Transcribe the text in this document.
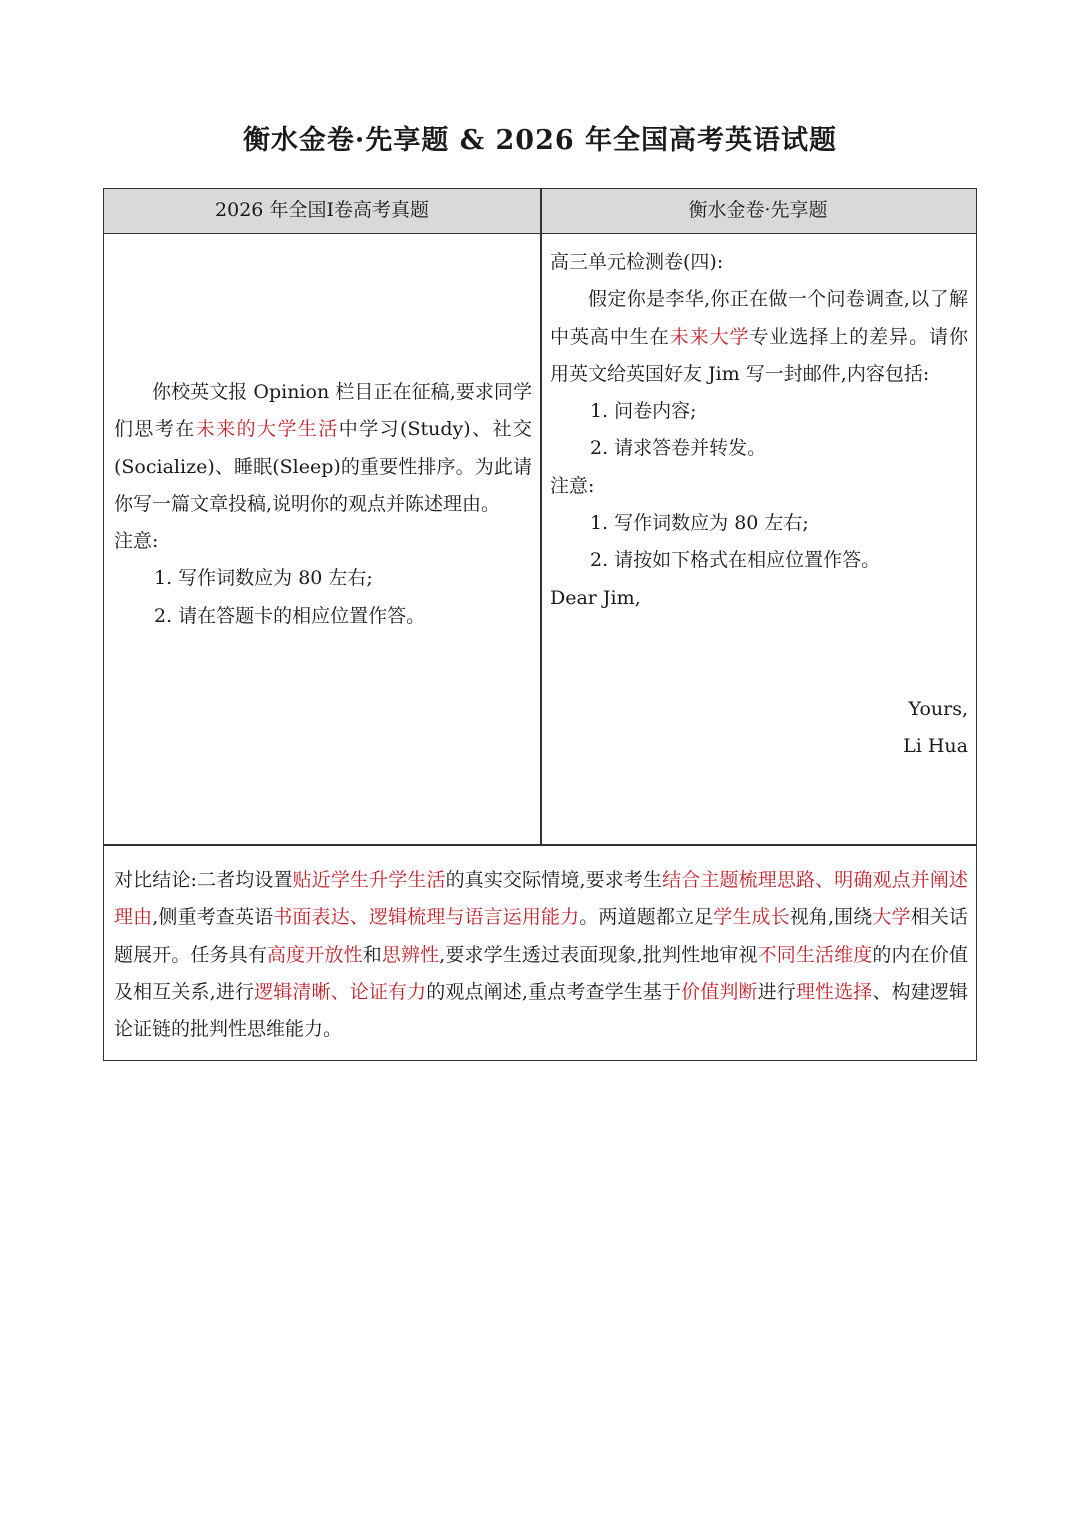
衡水金卷·先享题 & 2026 年全国高考英语试题
2026 年全国Ⅰ卷高考真题	衡水金卷·先享题

你校英文报 Opinion 栏目正在征稿,要求同学们思考在未来的大学生活中学习(Study)、社交(Socialize)、睡眠(Sleep)的重要性排序。为此请你写一篇文章投稿,说明你的观点并陈述理由。

注意:

1. 写作词数应为 80 左右;

2. 请在答题卡的相应位置作答。

高三单元检测卷(四):

假定你是李华,你正在做一个问卷调查,以了解中英高中生在未来大学专业选择上的差异。请你用英文给英国好友 Jim 写一封邮件,内容包括:

1. 问卷内容;

2. 请求答卷并转发。

注意:

1. 写作词数应为 80 左右;

2. 请按如下格式在相应位置作答。

Dear Jim,

Yours,

Li Hua

对比结论:二者均设置贴近学生升学生活的真实交际情境,要求考生结合主题梳理思路、明确观点并阐述理由,侧重考查英语书面表达、逻辑梳理与语言运用能力。两道题都立足学生成长视角,围绕大学相关话题展开。任务具有高度开放性和思辨性,要求学生透过表面现象,批判性地审视不同生活维度的内在价值及相互关系,进行逻辑清晰、论证有力的观点阐述,重点考查学生基于价值判断进行理性选择、构建逻辑论证链的批判性思维能力。
